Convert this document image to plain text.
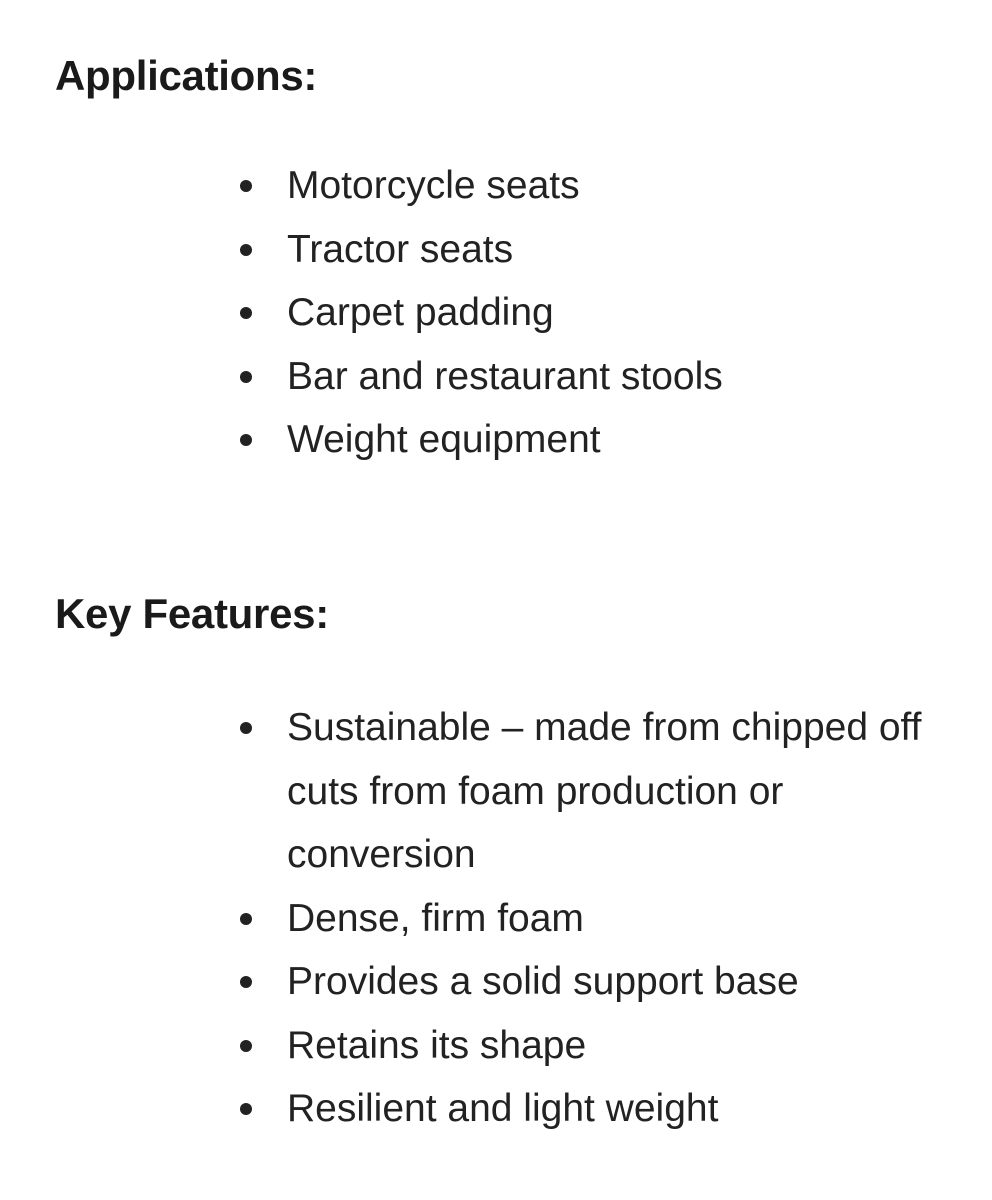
Applications:
Motorcycle seats
Tractor seats
Carpet padding
Bar and restaurant stools
Weight equipment
Key Features:
Sustainable – made from chipped off cuts from foam production or conversion
Dense, firm foam
Provides a solid support base
Retains its shape
Resilient and light weight
